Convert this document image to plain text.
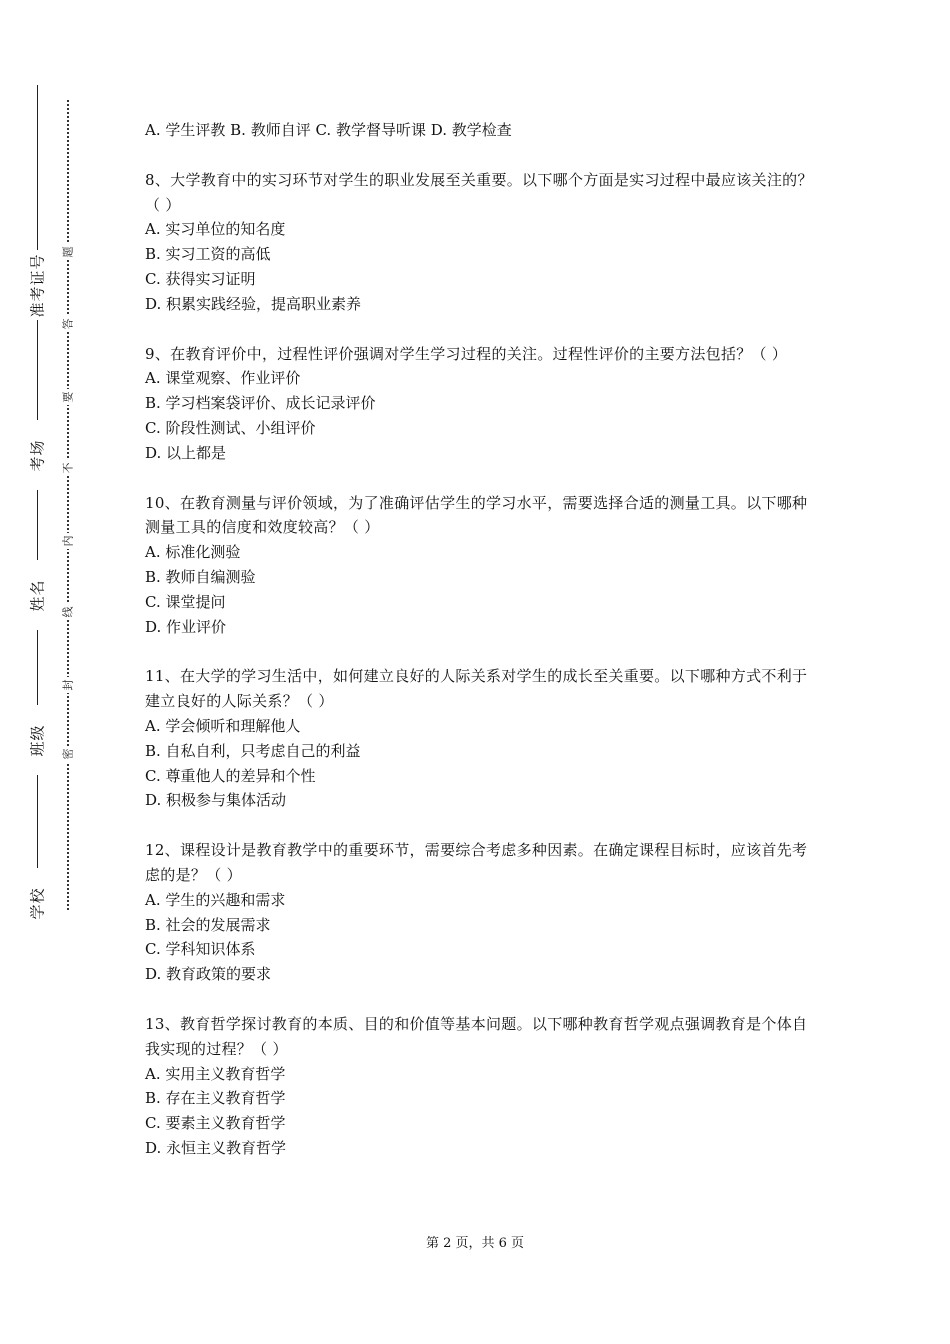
准考证号
考场
姓名
班级
学校
题
答
要
不
内
线
封
密
A. 学生评教 B. 教师自评 C. 教学督导听课 D. 教学检查
8、大学教育中的实习环节对学生的职业发展至关重要。以下哪个方面是实习过程中最应该关注的？（ ）
A. 实习单位的知名度
B. 实习工资的高低
C. 获得实习证明
D. 积累实践经验，提高职业素养
9、在教育评价中，过程性评价强调对学生学习过程的关注。过程性评价的主要方法包括？（ ）
A. 课堂观察、作业评价
B. 学习档案袋评价、成长记录评价
C. 阶段性测试、小组评价
D. 以上都是
10、在教育测量与评价领域，为了准确评估学生的学习水平，需要选择合适的测量工具。以下哪种测量工具的信度和效度较高？（ ）
A. 标准化测验
B. 教师自编测验
C. 课堂提问
D. 作业评价
11、在大学的学习生活中，如何建立良好的人际关系对学生的成长至关重要。以下哪种方式不利于建立良好的人际关系？（ ）
A. 学会倾听和理解他人
B. 自私自利，只考虑自己的利益
C. 尊重他人的差异和个性
D. 积极参与集体活动
12、课程设计是教育教学中的重要环节，需要综合考虑多种因素。在确定课程目标时，应该首先考虑的是？（ ）
A. 学生的兴趣和需求
B. 社会的发展需求
C. 学科知识体系
D. 教育政策的要求
13、教育哲学探讨教育的本质、目的和价值等基本问题。以下哪种教育哲学观点强调教育是个体自我实现的过程？（ ）
A. 实用主义教育哲学
B. 存在主义教育哲学
C. 要素主义教育哲学
D. 永恒主义教育哲学
第 2 页，共 6 页
